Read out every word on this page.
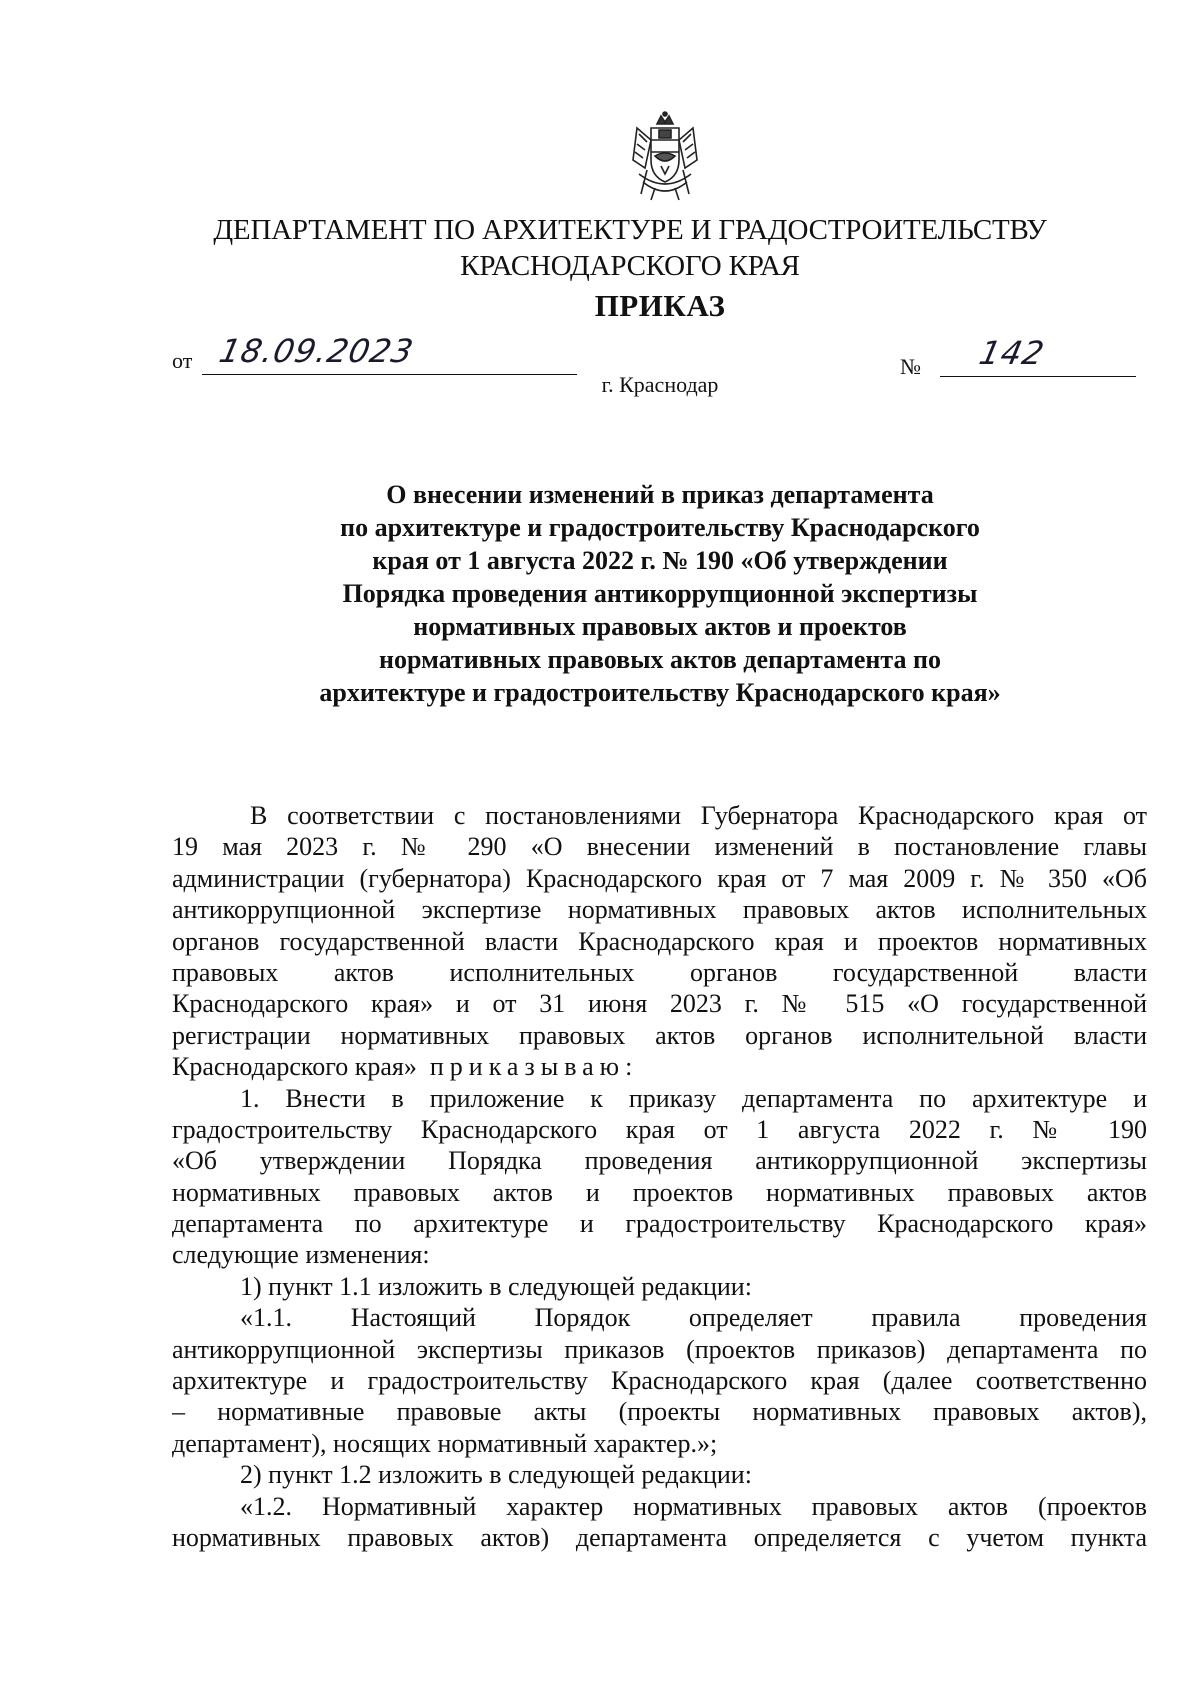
ДЕПАРТАМЕНТ ПО АРХИТЕКТУРЕ И ГРАДОСТРОИТЕЛЬСТВУ
КРАСНОДАРСКОГО КРАЯ
ПРИКАЗ
от 18.09.2023	№ 142
г. Краснодар
О внесении изменений в приказ департамента
по архитектуре и градостроительству Краснодарского
края от 1 августа 2022 г. № 190 «Об утверждении
Порядка проведения антикоррупционной экспертизы
нормативных правовых актов и проектов
нормативных правовых актов департамента по
архитектуре и градостроительству Краснодарского края»
В соответствии с постановлениями Губернатора Краснодарского края от
19 мая 2023 г. № 290 «О внесении изменений в постановление главы
администрации (губернатора) Краснодарского края от 7 мая 2009 г. № 350 «Об
антикоррупционной экспертизе нормативных правовых актов исполнительных
органов государственной власти Краснодарского края и проектов нормативных
правовых актов исполнительных органов государственной власти
Краснодарского края» и от 31 июня 2023 г. № 515 «О государственной
регистрации нормативных правовых актов органов исполнительной власти
Краснодарского края» приказываю:
1. Внести в приложение к приказу департамента по архитектуре и
градостроительству Краснодарского края от 1 августа 2022 г. № 190
«Об утверждении Порядка проведения антикоррупционной экспертизы
нормативных правовых актов и проектов нормативных правовых актов
департамента по архитектуре и градостроительству Краснодарского края»
следующие изменения:
1) пункт 1.1 изложить в следующей редакции:
«1.1. Настоящий Порядок определяет правила проведения
антикоррупционной экспертизы приказов (проектов приказов) департамента по
архитектуре и градостроительству Краснодарского края (далее соответственно
– нормативные правовые акты (проекты нормативных правовых актов),
департамент), носящих нормативный характер.»;
2) пункт 1.2 изложить в следующей редакции:
«1.2. Нормативный характер нормативных правовых актов (проектов
нормативных правовых актов) департамента определяется с учетом пункта
